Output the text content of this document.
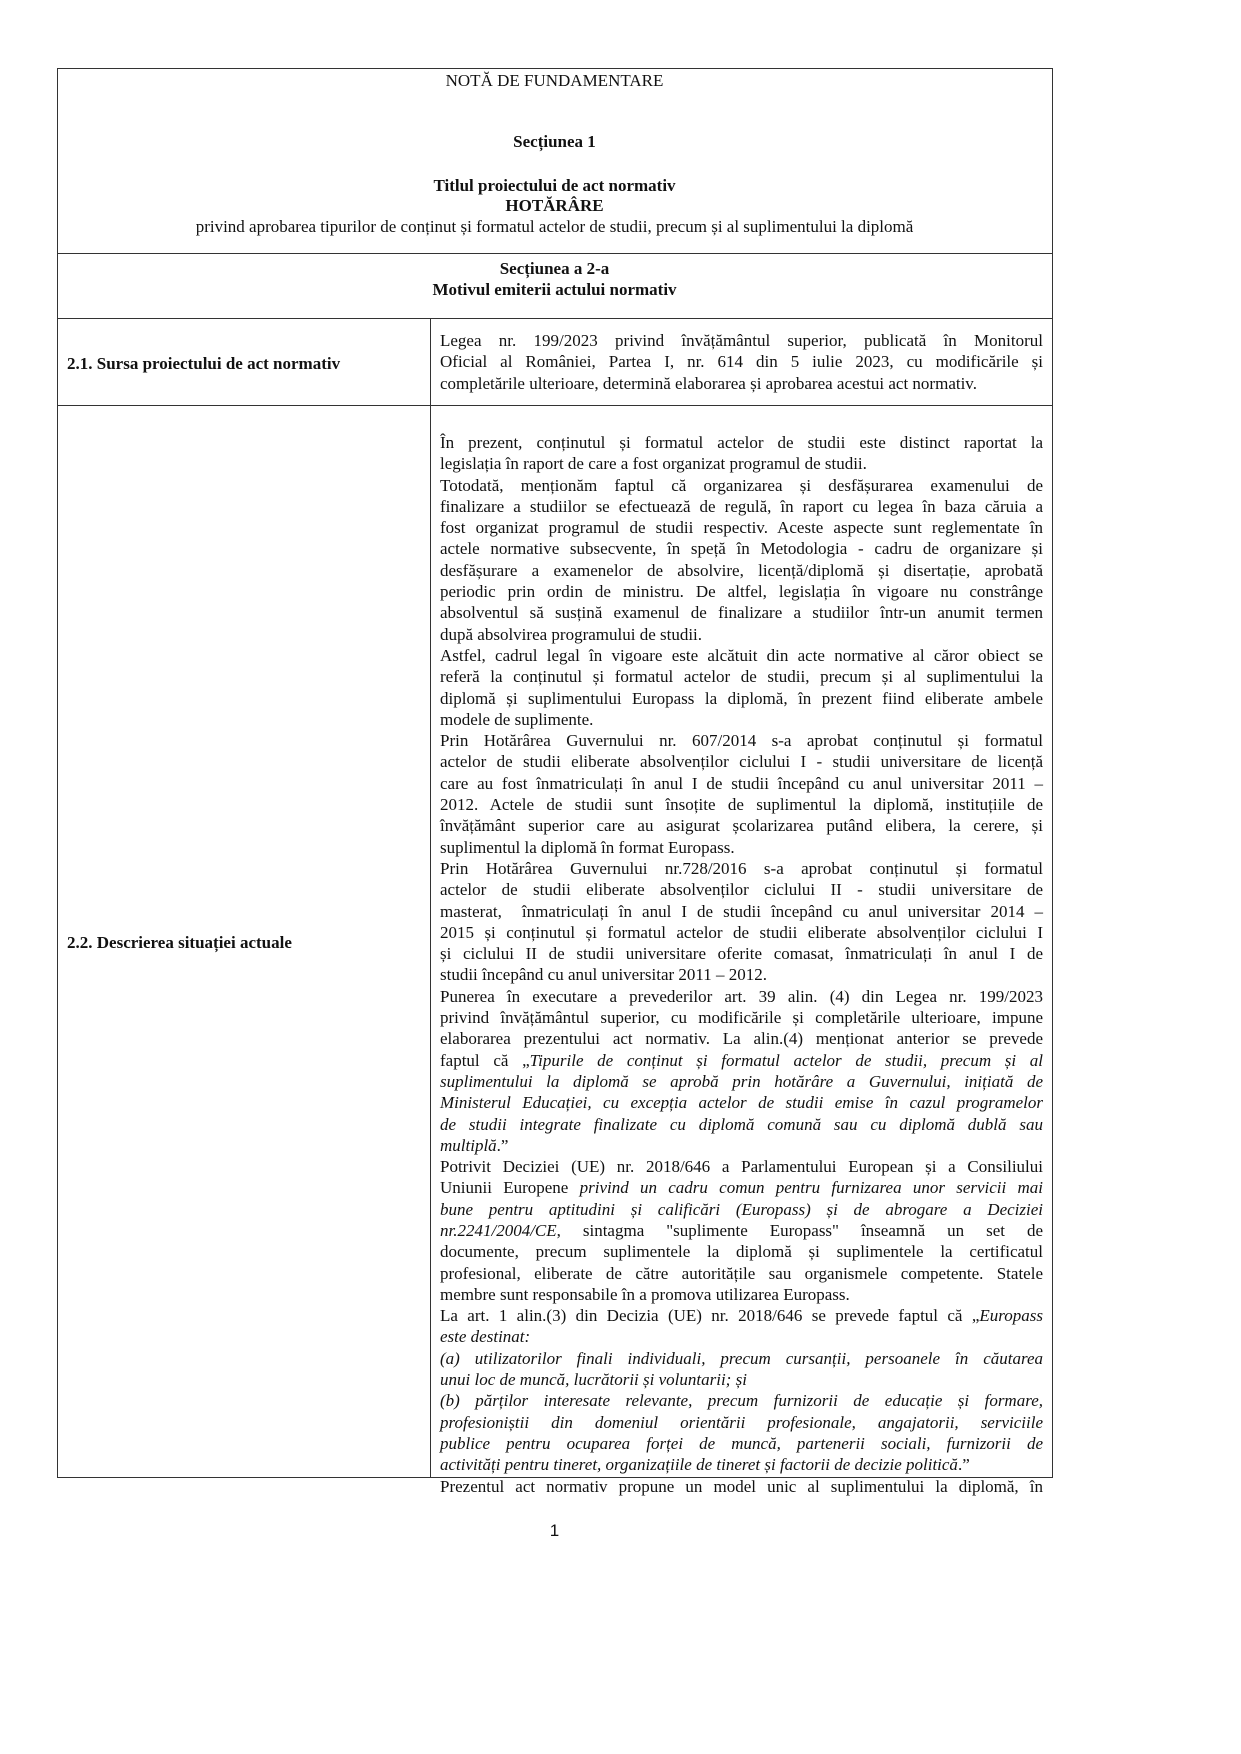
NOTĂ DE FUNDAMENTARE
Secțiunea 1
Titlul proiectului de act normativ
HOTĂRÂRE
privind aprobarea tipurilor de conținut și formatul actelor de studii, precum și al suplimentului la diplomă
Secțiunea a 2-a
Motivul emiterii actului normativ
2.1. Sursa proiectului de act normativ
Legea nr. 199/2023 privind învățământul superior, publicată în Monitorul
Oficial al României, Partea I, nr. 614 din 5 iulie 2023, cu modificările și
completările ulterioare, determină elaborarea și aprobarea acestui act normativ.
2.2. Descrierea situației actuale
În prezent, conținutul și formatul actelor de studii este distinct raportat la
legislația în raport de care a fost organizat programul de studii.
Totodată, menționăm faptul că organizarea și desfășurarea examenului de
finalizare a studiilor se efectuează de regulă, în raport cu legea în baza căruia a
fost organizat programul de studii respectiv. Aceste aspecte sunt reglementate în
actele normative subsecvente, în speță în Metodologia - cadru de organizare și
desfășurare a examenelor de absolvire, licență/diplomă și disertație, aprobată
periodic prin ordin de ministru. De altfel, legislația în vigoare nu constrânge
absolventul să susțină examenul de finalizare a studiilor într-un anumit termen
după absolvirea programului de studii.
Astfel, cadrul legal în vigoare este alcătuit din acte normative al căror obiect se
referă la conținutul și formatul actelor de studii, precum și al suplimentului la
diplomă și suplimentului Europass la diplomă, în prezent fiind eliberate ambele
modele de suplimente.
Prin Hotărârea Guvernului nr. 607/2014 s-a aprobat conținutul și formatul
actelor de studii eliberate absolvenților ciclului I - studii universitare de licență
care au fost înmatriculați în anul I de studii începând cu anul universitar 2011 –
2012. Actele de studii sunt însoțite de suplimentul la diplomă, instituțiile de
învățământ superior care au asigurat școlarizarea putând elibera, la cerere, și
suplimentul la diplomă în format Europass.
Prin Hotărârea Guvernului nr.728/2016 s-a aprobat conținutul și formatul
actelor de studii eliberate absolvenților ciclului II - studii universitare de
masterat,  înmatriculați în anul I de studii începând cu anul universitar 2014 –
2015 și conținutul și formatul actelor de studii eliberate absolvenților ciclului I
și ciclului II de studii universitare oferite comasat, înmatriculați în anul I de
studii începând cu anul universitar 2011 – 2012.
Punerea în executare a prevederilor art. 39 alin. (4) din Legea nr. 199/2023
privind învățământul superior, cu modificările și completările ulterioare, impune
elaborarea prezentului act normativ. La alin.(4) menționat anterior se prevede
faptul că „Tipurile de conținut și formatul actelor de studii, precum și al
suplimentului la diplomă se aprobă prin hotărâre a Guvernului, inițiată de
Ministerul Educației, cu excepția actelor de studii emise în cazul programelor
de studii integrate finalizate cu diplomă comună sau cu diplomă dublă sau
multiplă.”
Potrivit Deciziei (UE) nr. 2018/646 a Parlamentului European și a Consiliului
Uniunii Europene privind un cadru comun pentru furnizarea unor servicii mai
bune pentru aptitudini și calificări (Europass) și de abrogare a Deciziei
nr.2241/2004/CE, sintagma "suplimente Europass" înseamnă un set de
documente, precum suplimentele la diplomă și suplimentele la certificatul
profesional, eliberate de către autoritățile sau organismele competente. Statele
membre sunt responsabile în a promova utilizarea Europass.
La art. 1 alin.(3) din Decizia (UE) nr. 2018/646 se prevede faptul că „Europass
este destinat:
(a) utilizatorilor finali individuali, precum cursanții, persoanele în căutarea
unui loc de muncă, lucrătorii și voluntarii; și
(b) părților interesate relevante, precum furnizorii de educație și formare,
profesioniștii din domeniul orientării profesionale, angajatorii, serviciile
publice pentru ocuparea forței de muncă, partenerii sociali, furnizorii de
activități pentru tineret, organizațiile de tineret și factorii de decizie politică.”
Prezentul act normativ propune un model unic al suplimentului la diplomă, în
1
